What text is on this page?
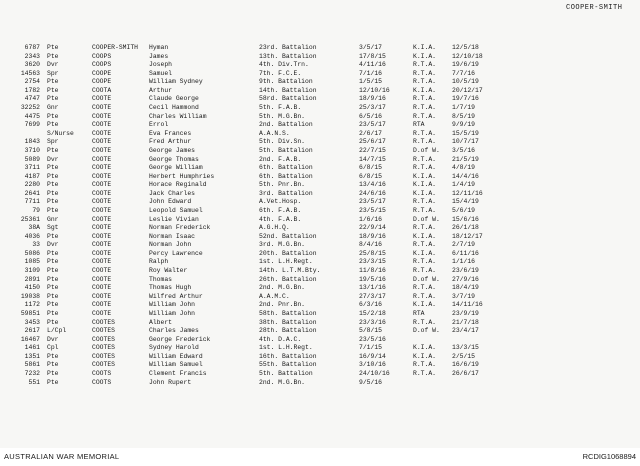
COOPER-SMITH
6787 Pte	COOPER-SMITH Hyman	23rd. Battalion	3/5/17	K.I.A. 12/5/18
2343 Pte	COOPS	James	13th. Battalion	17/8/15	K.I.A. 12/10/18
3620 Dvr	COOPS	Joseph	4th. Div.Trn.	4/11/16	R.T.A. 19/6/19
14563 Spr	COOPE	Samuel	7th. F.C.E.	7/1/16	R.T.A. 7/7/16
2754 Pte	COOPE	William Sydney	9th. Battalion	1/5/15	R.T.A. 10/5/19
1782 Pte	COOTA	Arthur	14th. Battalion	12/10/16	K.I.A. 20/12/17
4747 Pte	COOTE	Claude George	58rd. Battalion	18/9/16	R.T.A. 19/7/16
32252 Gnr	COOTE	Cecil Hammond	5th. F.A.B.	25/3/17	R.T.A. 1/7/19
4475 Pte	COOTE	Charles William	5th. M.G.Bn.	6/5/16	R.T.A. 8/5/19
7699 Pte	COOTE	Errol	2nd. Battalion	23/5/17	RTA	9/9/19
S/Nurse	COOTE	Eva Frances	A.A.N.S.	2/6/17	R.T.A. 15/5/19
1843 Spr	COOTE	Fred Arthur	5th. Div.Sn.	25/6/17	R.T.A. 10/7/17
3710 Pte	COOTE	George James	5th. Battalion	22/7/15	D.of W. 3/5/16
5089 Dvr	COOTE	George Thomas	2nd. F.A.B.	14/7/15	R.T.A. 21/5/19
3711 Pte	COOTE	George William	6th. Battalion	6/8/15	R.T.A. 4/8/19
4187 Pte	COOTE	Herbert Humphries	6th. Battalion	6/8/15	K.I.A. 14/4/16
2280 Pte	COOTE	Horace Reginald	5th. Pnr.Bn.	13/4/16	K.I.A. 1/4/19
2641 Pte	COOTE	Jack Charles	3rd. Battalion	24/6/16	K.I.A. 12/11/16
7711 Pte	COOTE	John Edward	A.Vet.Hosp.	23/5/17	R.T.A. 15/4/19
79 Pte	COOTE	Leopold Samuel	6th. F.A.B.	23/5/15	R.T.A. 5/6/19
25361 Gnr	COOTE	Leslie Vivian	4th. F.A.B.	1/6/16	D.of W. 15/6/16
38A Sgt	COOTE	Norman Frederick	A.G.H.Q.	22/9/14	R.T.A. 26/1/18
4036 Pte	COOTE	Norman Isaac	52nd. Battalion	18/9/16	K.I.A. 18/12/17
33 Dvr	COOTE	Norman John	3rd. M.G.Bn.	8/4/16	R.T.A. 2/7/19
5086 Pte	COOTE	Percy Lawrence	20th. Battalion	25/8/15	K.I.A. 6/11/16
1085 Pte	COOTE	Ralph	1st. L.H.Regt.	23/3/15	R.T.A. 1/1/16
3109 Pte	COOTE	Roy Walter	14th. L.T.M.Bty.	11/8/16	R.T.A. 23/6/19
2891 Pte	COOTE	Thomas	26th. Battalion	19/5/16	D.of W. 27/9/16
4150 Pte	COOTE	Thomas Hugh	2nd. M.G.Bn.	13/1/16	R.T.A. 18/4/19
19038 Pte	COOTE	Wilfred Arthur	A.A.M.C.	27/3/17	R.T.A. 3/7/19
1172 Pte	COOTE	William John	2nd. Pnr.Bn.	6/3/16	K.I.A. 14/11/16
59851 Pte	COOTE	William John	58th. Battalion	15/2/18	RTA	23/9/19
3453 Pte	COOTES	Albert	38th. Battalion	23/3/16	R.T.A. 21/7/18
2617 L/Cpl	COOTES	Charles James	28th. Battalion	5/8/15	D.of W. 23/4/17
16467 Dvr	COOTES	George Frederick	4th. D.A.C.	23/5/16
1461 Cpl	COOTES	Sydney Harold	1st. L.H.Regt.	7/1/15	K.I.A. 13/3/15
1351 Pte	COOTES	William Edward	16th. Battalion	16/9/14	K.I.A. 2/5/15
5861 Pte	COOTES	William Samuel	55th. Battalion	3/10/16	R.T.A. 16/6/19
7232 Pte	COOTS	Clement Francis	5th. Battalion	24/10/16	R.T.A. 26/6/17
551 Pte	COOTS	John Rupert	2nd. M.G.Bn.	9/5/16
AUSTRALIAN WAR MEMORIAL	RCDIG1068894
